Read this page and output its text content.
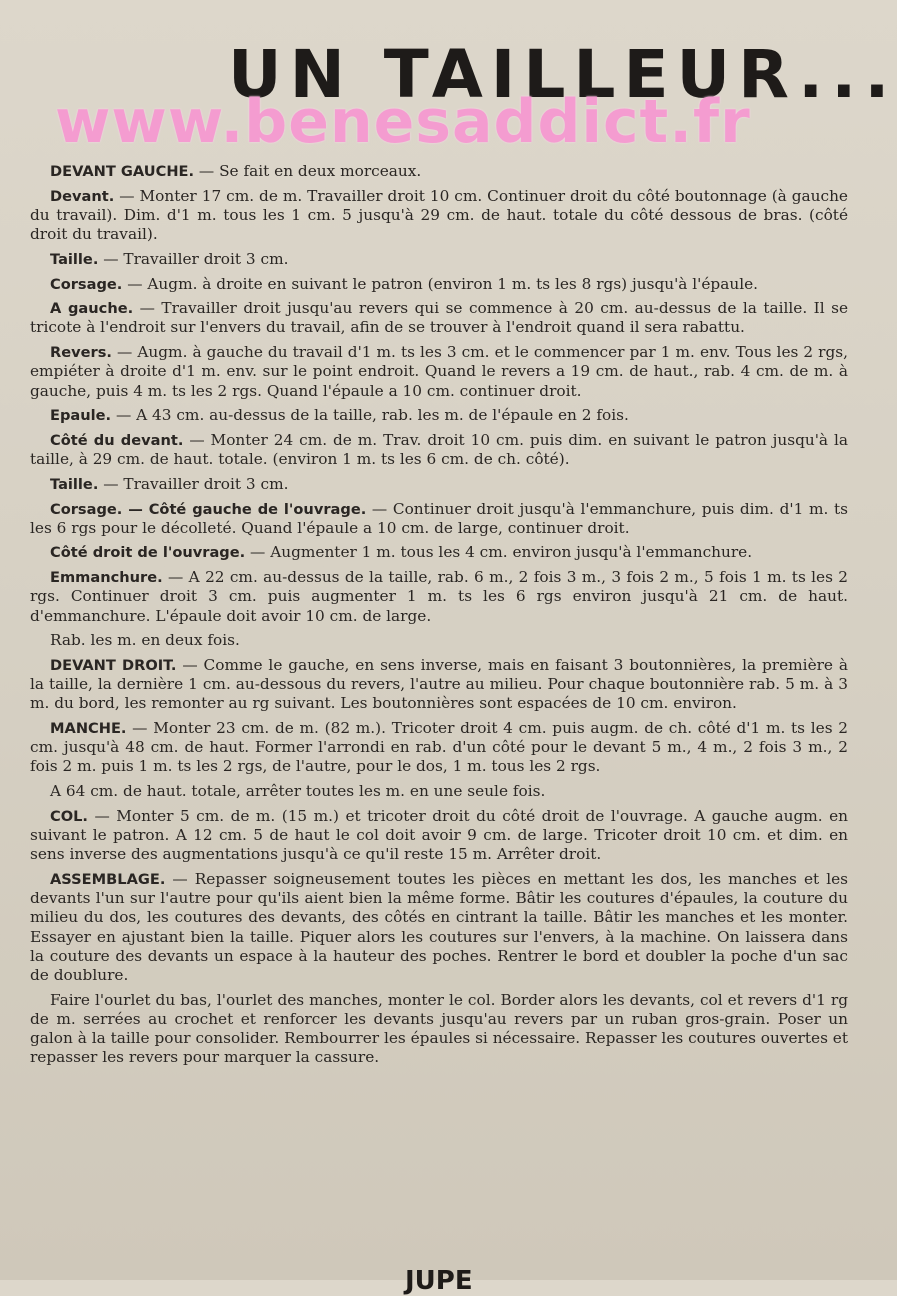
UN TAILLEUR...
www.benesaddict.fr

DEVANT GAUCHE. — Se fait en deux morceaux.

Devant. — Monter 17 cm. de m. Travailler droit 10 cm. Continuer droit du côté boutonnage (à gauche du travail). Dim. d'1 m. tous les 1 cm. 5 jusqu'à 29 cm. de haut. totale du côté dessous de bras. (côté droit du travail).

Taille. — Travailler droit 3 cm.

Corsage. — Augm. à droite en suivant le patron (environ 1 m. ts les 8 rgs) jusqu'à l'épaule.

A gauche. — Travailler droit jusqu'au revers qui se commence à 20 cm. au-dessus de la taille. Il se tricote à l'endroit sur l'envers du travail, afin de se trouver à l'endroit quand il sera rabattu.

Revers. — Augm. à gauche du travail d'1 m. ts les 3 cm. et le commencer par 1 m. env. Tous les 2 rgs, empiéter à droite d'1 m. env. sur le point endroit. Quand le revers a 19 cm. de haut., rab. 4 cm. de m. à gauche, puis 4 m. ts les 2 rgs. Quand l'épaule a 10 cm. continuer droit.

Epaule. — A 43 cm. au-dessus de la taille, rab. les m. de l'épaule en 2 fois.

Côté du devant. — Monter 24 cm. de m. Trav. droit 10 cm. puis dim. en suivant le patron jusqu'à la taille, à 29 cm. de haut. totale. (environ 1 m. ts les 6 cm. de ch. côté).

Taille. — Travailler droit 3 cm.

Corsage. — Côté gauche de l'ouvrage. — Continuer droit jusqu'à l'emmanchure, puis dim. d'1 m. ts les 6 rgs pour le décolleté. Quand l'épaule a 10 cm. de large, continuer droit.

Côté droit de l'ouvrage. — Augmenter 1 m. tous les 4 cm. environ jusqu'à l'emmanchure.

Emmanchure. — A 22 cm. au-dessus de la taille, rab. 6 m., 2 fois 3 m., 3 fois 2 m., 5 fois 1 m. ts les 2 rgs. Continuer droit 3 cm. puis augmenter 1 m. ts les 6 rgs environ jusqu'à 21 cm. de haut. d'emmanchure. L'épaule doit avoir 10 cm. de large.

Rab. les m. en deux fois.

DEVANT DROIT. — Comme le gauche, en sens inverse, mais en faisant 3 boutonnières, la première à la taille, la dernière 1 cm. au-dessous du revers, l'autre au milieu. Pour chaque boutonnière rab. 5 m. à 3 m. du bord, les remonter au rg suivant. Les boutonnières sont espacées de 10 cm. environ.

MANCHE. — Monter 23 cm. de m. (82 m.). Tricoter droit 4 cm. puis augm. de ch. côté d'1 m. ts les 2 cm. jusqu'à 48 cm. de haut. Former l'arrondi en rab. d'un côté pour le devant 5 m., 4 m., 2 fois 3 m., 2 fois 2 m. puis 1 m. ts les 2 rgs, de l'autre, pour le dos, 1 m. tous les 2 rgs.

A 64 cm. de haut. totale, arrêter toutes les m. en une seule fois.

COL. — Monter 5 cm. de m. (15 m.) et tricoter droit du côté droit de l'ouvrage. A gauche augm. en suivant le patron. A 12 cm. 5 de haut le col doit avoir 9 cm. de large. Tricoter droit 10 cm. et dim. en sens inverse des augmentations jusqu'à ce qu'il reste 15 m. Arrêter droit.

ASSEMBLAGE. — Repasser soigneusement toutes les pièces en mettant les dos, les manches et les devants l'un sur l'autre pour qu'ils aient bien la même forme. Bâtir les coutures d'épaules, la couture du milieu du dos, les coutures des devants, des côtés en cintrant la taille. Bâtir les manches et les monter. Essayer en ajustant bien la taille. Piquer alors les coutures sur l'envers, à la machine. On laissera dans la couture des devants un espace à la hauteur des poches. Rentrer le bord et doubler la poche d'un sac de doublure.

Faire l'ourlet du bas, l'ourlet des manches, monter le col. Border alors les devants, col et revers d'1 rg de m. serrées au crochet et renforcer les devants jusqu'au revers par un ruban gros-grain. Poser un galon à la taille pour consolider. Rembourrer les épaules si nécessaire. Repasser les coutures ouvertes et repasser les revers pour marquer la cassure.

JUPE
